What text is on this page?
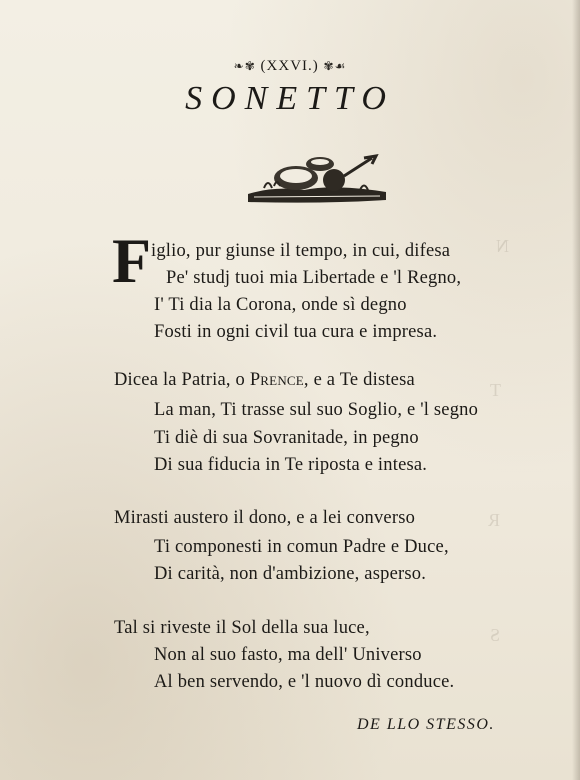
N
T
R
S
❧✾ (XXVI.) ✾☙
SONETTO
F iglio, pur giunse il tempo, in cui, difesa
Pe' studj tuoi mia Libertade e 'l Regno,
I' Ti dia la Corona, onde sì degno
Fosti in ogni civil tua cura e impresa.
Dicea la Patria, o Prence, e a Te distesa
La man, Ti trasse sul suo Soglio, e 'l segno
Ti diè di sua Sovranitade, in pegno
Di sua fiducia in Te riposta e intesa.
Mirasti austero il dono, e a lei converso
Ti componesti in comun Padre e Duce,
Di carità, non d'ambizione, asperso.
Tal si riveste il Sol della sua luce,
Non al suo fasto, ma dell' Universo
Al ben servendo, e 'l nuovo dì conduce.
DE LLO STESSO.
